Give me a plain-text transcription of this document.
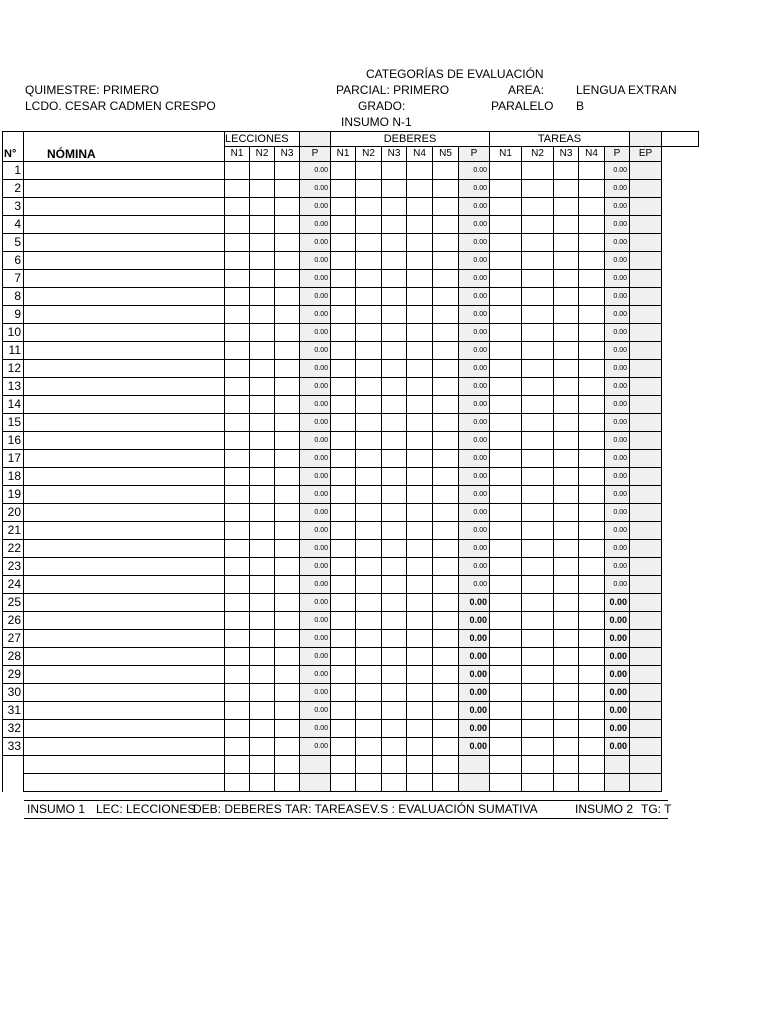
CATEGORÍAS DE EVALUACIÓN
QUIMESTRE: PRIMERO	PARCIAL: PRIMERO	AREA:	LENGUA EXTRAN
LCDO. CESAR CADMEN CRESPO	GRADO:	PARALELO B
INSUMO N-1
N°	NÓMINA	LECCIONES				DEBERES						TAREAS						
		N1	N2	N3	P	N1	N2	N3	N4	N5	P	N1	N2	N3	N4	P	EP	
1					0.00						0.00					0.00		
2					0.00						0.00					0.00		
3					0.00						0.00					0.00		
4					0.00						0.00					0.00		
5					0.00						0.00					0.00		
6					0.00						0.00					0.00		
7					0.00						0.00					0.00		
8					0.00						0.00					0.00		
9					0.00						0.00					0.00		
10					0.00						0.00					0.00		
11					0.00						0.00					0.00		
12					0.00						0.00					0.00		
13					0.00						0.00					0.00		
14					0.00						0.00					0.00		
15					0.00						0.00					0.00		
16					0.00						0.00					0.00		
17					0.00						0.00					0.00		
18					0.00						0.00					0.00		
19					0.00						0.00					0.00		
20					0.00						0.00					0.00		
21					0.00						0.00					0.00		
22					0.00						0.00					0.00		
23					0.00						0.00					0.00		
24					0.00						0.00					0.00		
25					0.00						0.00					0.00		
26					0.00						0.00					0.00		
27					0.00						0.00					0.00		
28					0.00						0.00					0.00		
29					0.00						0.00					0.00		
30					0.00						0.00					0.00		
31					0.00						0.00					0.00		
32					0.00						0.00					0.00		
33					0.00						0.00					0.00		

INSUMO 1 LEC: LECCIONES
DEB: DEBERES TAR: TAREAS EV.S : EVALUACIÓN SUMATIVA	INSUMO 2 TG: T
